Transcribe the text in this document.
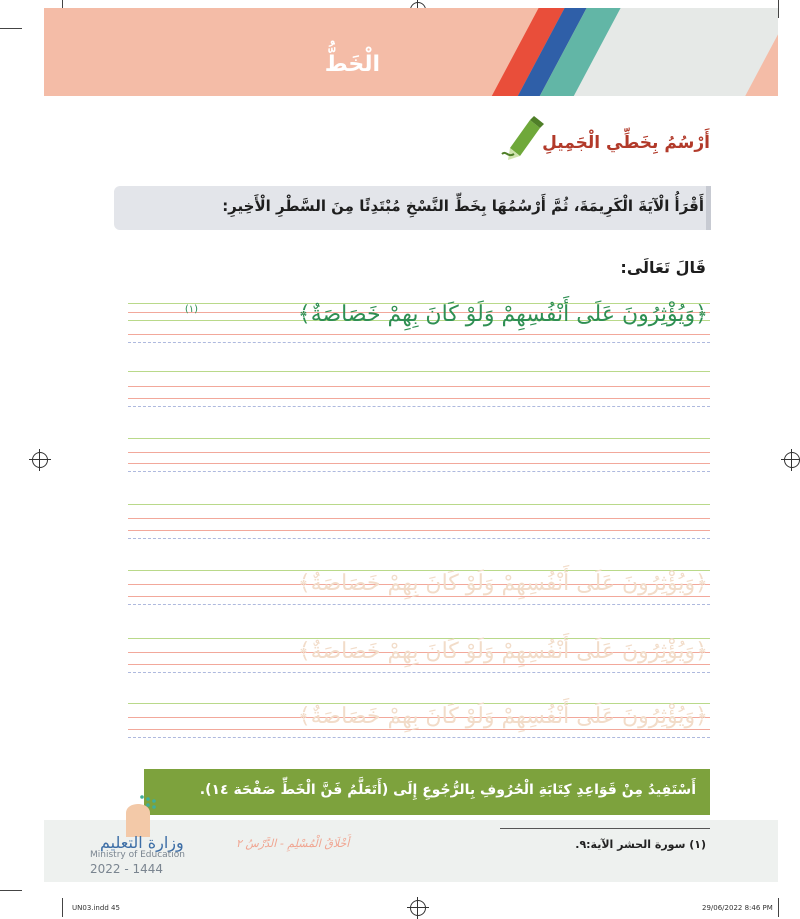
الْخَطُّ
أَرْسُمُ بِخَطِّي الْجَمِيلِ
أَقْرَأُ الْآيَةَ الْكَرِيمَةَ، ثُمَّ أَرْسُمُهَا بِخَطِّ النَّسْخِ مُبْتَدِئًا مِنَ السَّطْرِ الْأَخِيرِ:
قَالَ تَعَالَى:
﴿وَيُؤْثِرُونَ عَلَى أَنْفُسِهِمْ وَلَوْ كَانَ بِهِمْ خَصَاصَةٌ﴾
(١)
﴿وَيُؤْثِرُونَ عَلَى أَنْفُسِهِمْ وَلَوْ كَانَ بِهِمْ خَصَاصَةٌ﴾
﴿وَيُؤْثِرُونَ عَلَى أَنْفُسِهِمْ وَلَوْ كَانَ بِهِمْ خَصَاصَةٌ﴾
﴿وَيُؤْثِرُونَ عَلَى أَنْفُسِهِمْ وَلَوْ كَانَ بِهِمْ خَصَاصَةٌ﴾
أَسْتَفِيدُ مِنْ قَوَاعِدِ كِتَابَةِ الْحُرُوفِ بِالرُّجُوعِ إِلَى (أَتَعَلَّمُ فَنَّ الْخَطِّ صَفْحَة ١٤).
(١) سورة الحشر الآية:٩.
أَخْلَاقُ الْمُسْلِمِ - الدَّرْسُ ٢
وزارة التعليم
Ministry of Education
2022 - 1444
UN03.indd 45	29/06/2022 8:46 PM
